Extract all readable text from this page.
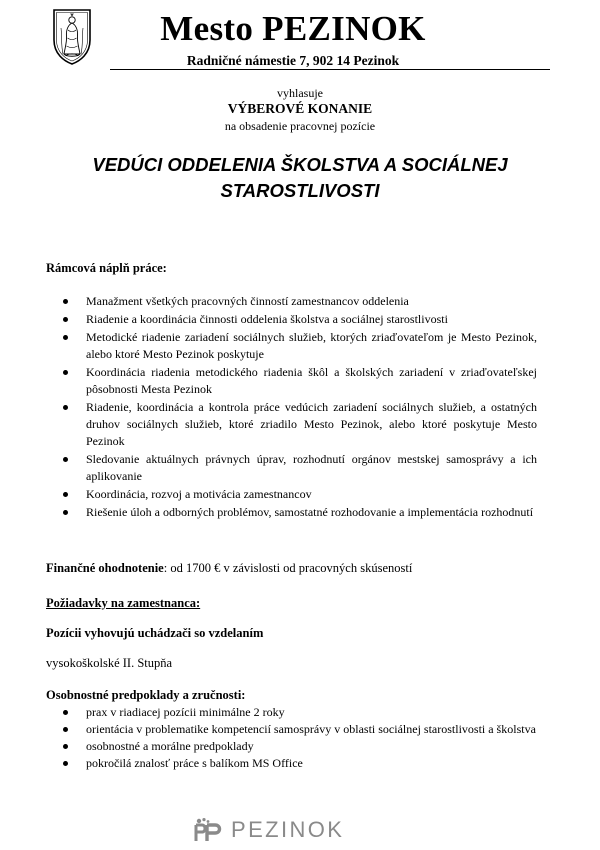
Mesto PEZINOK
Radničné námestie 7, 902 14 Pezinok
vyhlasuje
VÝBEROVÉ KONANIE
na obsadenie pracovnej pozície
VEDÚCI ODDELENIA ŠKOLSTVA A SOCIÁLNEJ
STAROSTLIVOSTI
Rámcová náplň práce:
Manažment všetkých pracovných činností zamestnancov oddelenia
Riadenie a koordinácia činnosti oddelenia školstva a sociálnej starostlivosti
Metodické riadenie zariadení sociálnych služieb, ktorých zriaďovateľom je Mesto Pezinok, alebo ktoré Mesto Pezinok poskytuje
Koordinácia riadenia metodického riadenia škôl a školských zariadení v zriaďovateľskej pôsobnosti Mesta Pezinok
Riadenie, koordinácia a kontrola práce vedúcich zariadení sociálnych služieb, a ostatných druhov sociálnych služieb, ktoré zriadilo Mesto Pezinok, alebo ktoré poskytuje Mesto Pezinok
Sledovanie aktuálnych právnych úprav, rozhodnutí orgánov mestskej samosprávy a ich aplikovanie
Koordinácia, rozvoj a motivácia zamestnancov
Riešenie úloh a odborných problémov, samostatné rozhodovanie a implementácia rozhodnutí
Finančné ohodnotenie: od 1700 € v závislosti od pracovných skúseností
Požiadavky na zamestnanca:
Pozícii vyhovujú uchádzači so vzdelaním
vysokoškolské II. Stupňa
Osobnostné predpoklady a zručnosti:
prax v riadiacej pozícii minimálne 2 roky
orientácia v problematike kompetencií samosprávy v oblasti sociálnej starostlivosti a školstva
osobnostné a morálne predpoklady
pokročilá znalosť práce s balíkom MS Office
PEZINOK
